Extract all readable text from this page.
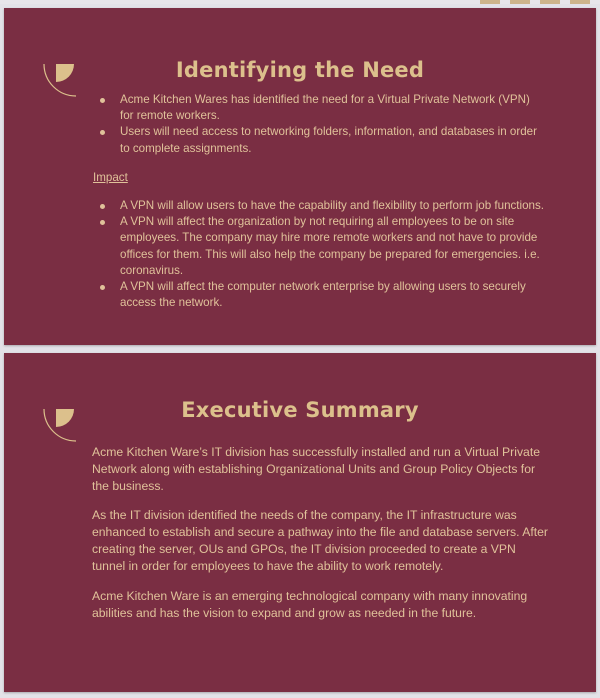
Identifying the Need
Acme Kitchen Wares has identified the need for a Virtual Private Network (VPN) for remote workers.
Users will need access to networking folders, information, and databases in order to complete assignments.
Impact
A VPN will allow users to have the capability and flexibility to perform job functions.
A VPN will affect the organization by not requiring all employees to be on site employees. The company may hire more remote workers and not have to provide offices for them. This will also help the company be prepared for emergencies. i.e. coronavirus.
A VPN will affect the computer network enterprise by allowing users to securely access the network.
Executive Summary

Acme Kitchen Ware’s IT division has successfully installed and run a Virtual Private Network along with establishing Organizational Units and Group Policy Objects for the business.

As the IT division identified the needs of the company, the IT infrastructure was enhanced to establish and secure a pathway into the file and database servers. After creating the server, OUs and GPOs, the IT division proceeded to create a VPN tunnel in order for employees to have the ability to work remotely.

Acme Kitchen Ware is an emerging technological company with many innovating abilities and has the vision to expand and grow as needed in the future.
